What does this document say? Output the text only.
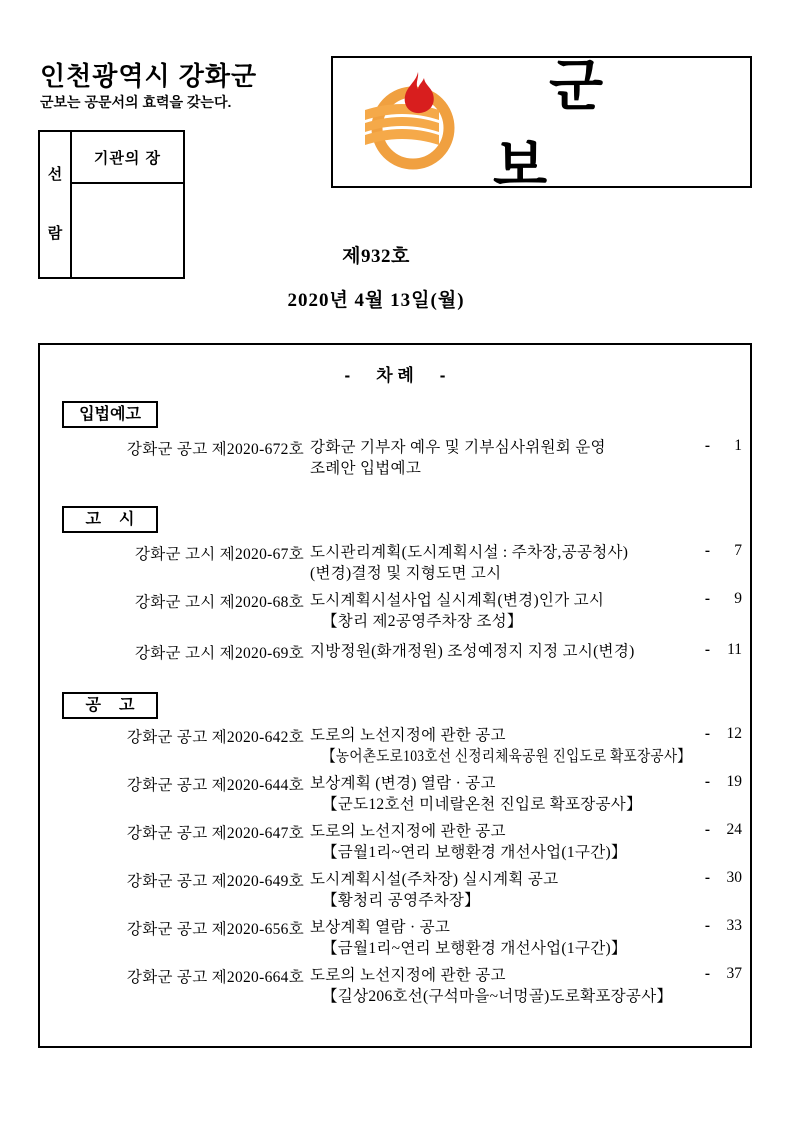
인천광역시 강화군
군보는 공문서의 효력을 갖는다.
선
람
기관의 장
군보
제932호
2020년 4월 13일(월)
- 차 례 -
입법예고
강화군 공고 제2020-672호 강화군 기부자 예우 및 기부심사위원회 운영
조례안 입법예고
-	1
고시
강화군 고시 제2020-67호 도시관리계획(도시계획시설 : 주차장,공공청사)
(변경)결정 및 지형도면 고시
-	7
강화군 고시 제2020-68호 도시계획시설사업 실시계획(변경)인가 고시
【창리 제2공영주차장 조성】
-	9
강화군 고시 제2020-69호 지방정원(화개정원) 조성예정지 지정 고시(변경)	-	11
공고
강화군 공고 제2020-642호 도로의 노선지정에 관한 공고
【농어촌도로103호선 신정리체육공원 진입도로 확포장공사】
-	12
강화군 공고 제2020-644호 보상계획 (변경) 열람 · 공고
【군도12호선 미네랄온천 진입로 확포장공사】
-	19
강화군 공고 제2020-647호 도로의 노선지정에 관한 공고
【금월1리~연리 보행환경 개선사업(1구간)】
-	24
강화군 공고 제2020-649호 도시계획시설(주차장) 실시계획 공고
【황청리 공영주차장】
-	30
강화군 공고 제2020-656호 보상계획 열람 · 공고
【금월1리~연리 보행환경 개선사업(1구간)】
-	33
강화군 공고 제2020-664호 도로의 노선지정에 관한 공고
【길상206호선(구석마을~너멍골)도로확포장공사】
-	37
